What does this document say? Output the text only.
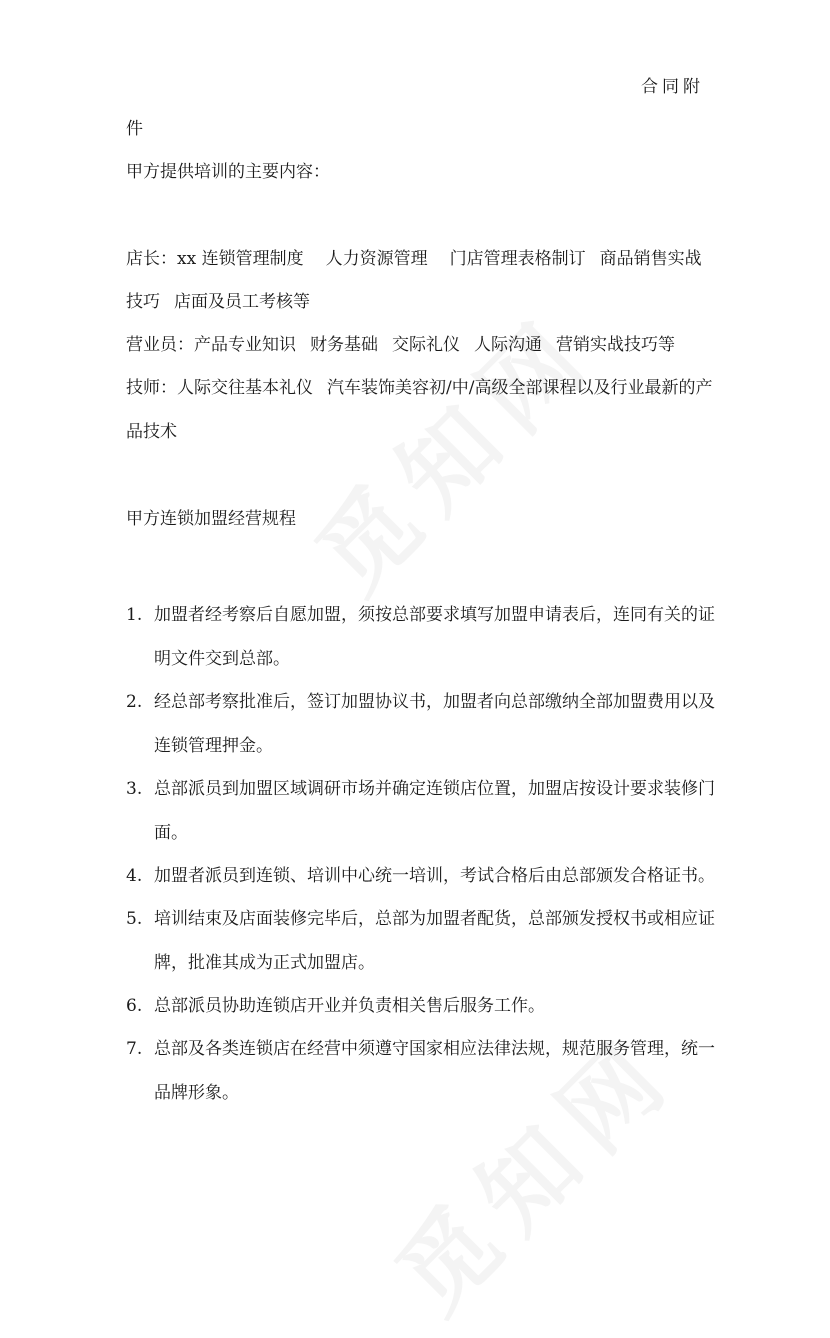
合同附
件
甲方提供培训的主要内容：
店长：xx 连锁管理制度 人力资源管理 门店管理表格制订 商品销售实战
技巧 店面及员工考核等
营业员：产品专业知识 财务基础 交际礼仪 人际沟通 营销实战技巧等
技师：人际交往基本礼仪 汽车装饰美容初/中/高级全部课程以及行业最新的产
品技术
甲方连锁加盟经营规程
1. 加盟者经考察后自愿加盟，须按总部要求填写加盟申请表后，连同有关的证
明文件交到总部。
2. 经总部考察批准后，签订加盟协议书，加盟者向总部缴纳全部加盟费用以及
连锁管理押金。
3. 总部派员到加盟区域调研市场并确定连锁店位置，加盟店按设计要求装修门
面。
4. 加盟者派员到连锁、培训中心统一培训，考试合格后由总部颁发合格证书。
5. 培训结束及店面装修完毕后，总部为加盟者配货，总部颁发授权书或相应证
牌，批准其成为正式加盟店。
6. 总部派员协助连锁店开业并负责相关售后服务工作。
7. 总部及各类连锁店在经营中须遵守国家相应法律法规，规范服务管理，统一
品牌形象。
